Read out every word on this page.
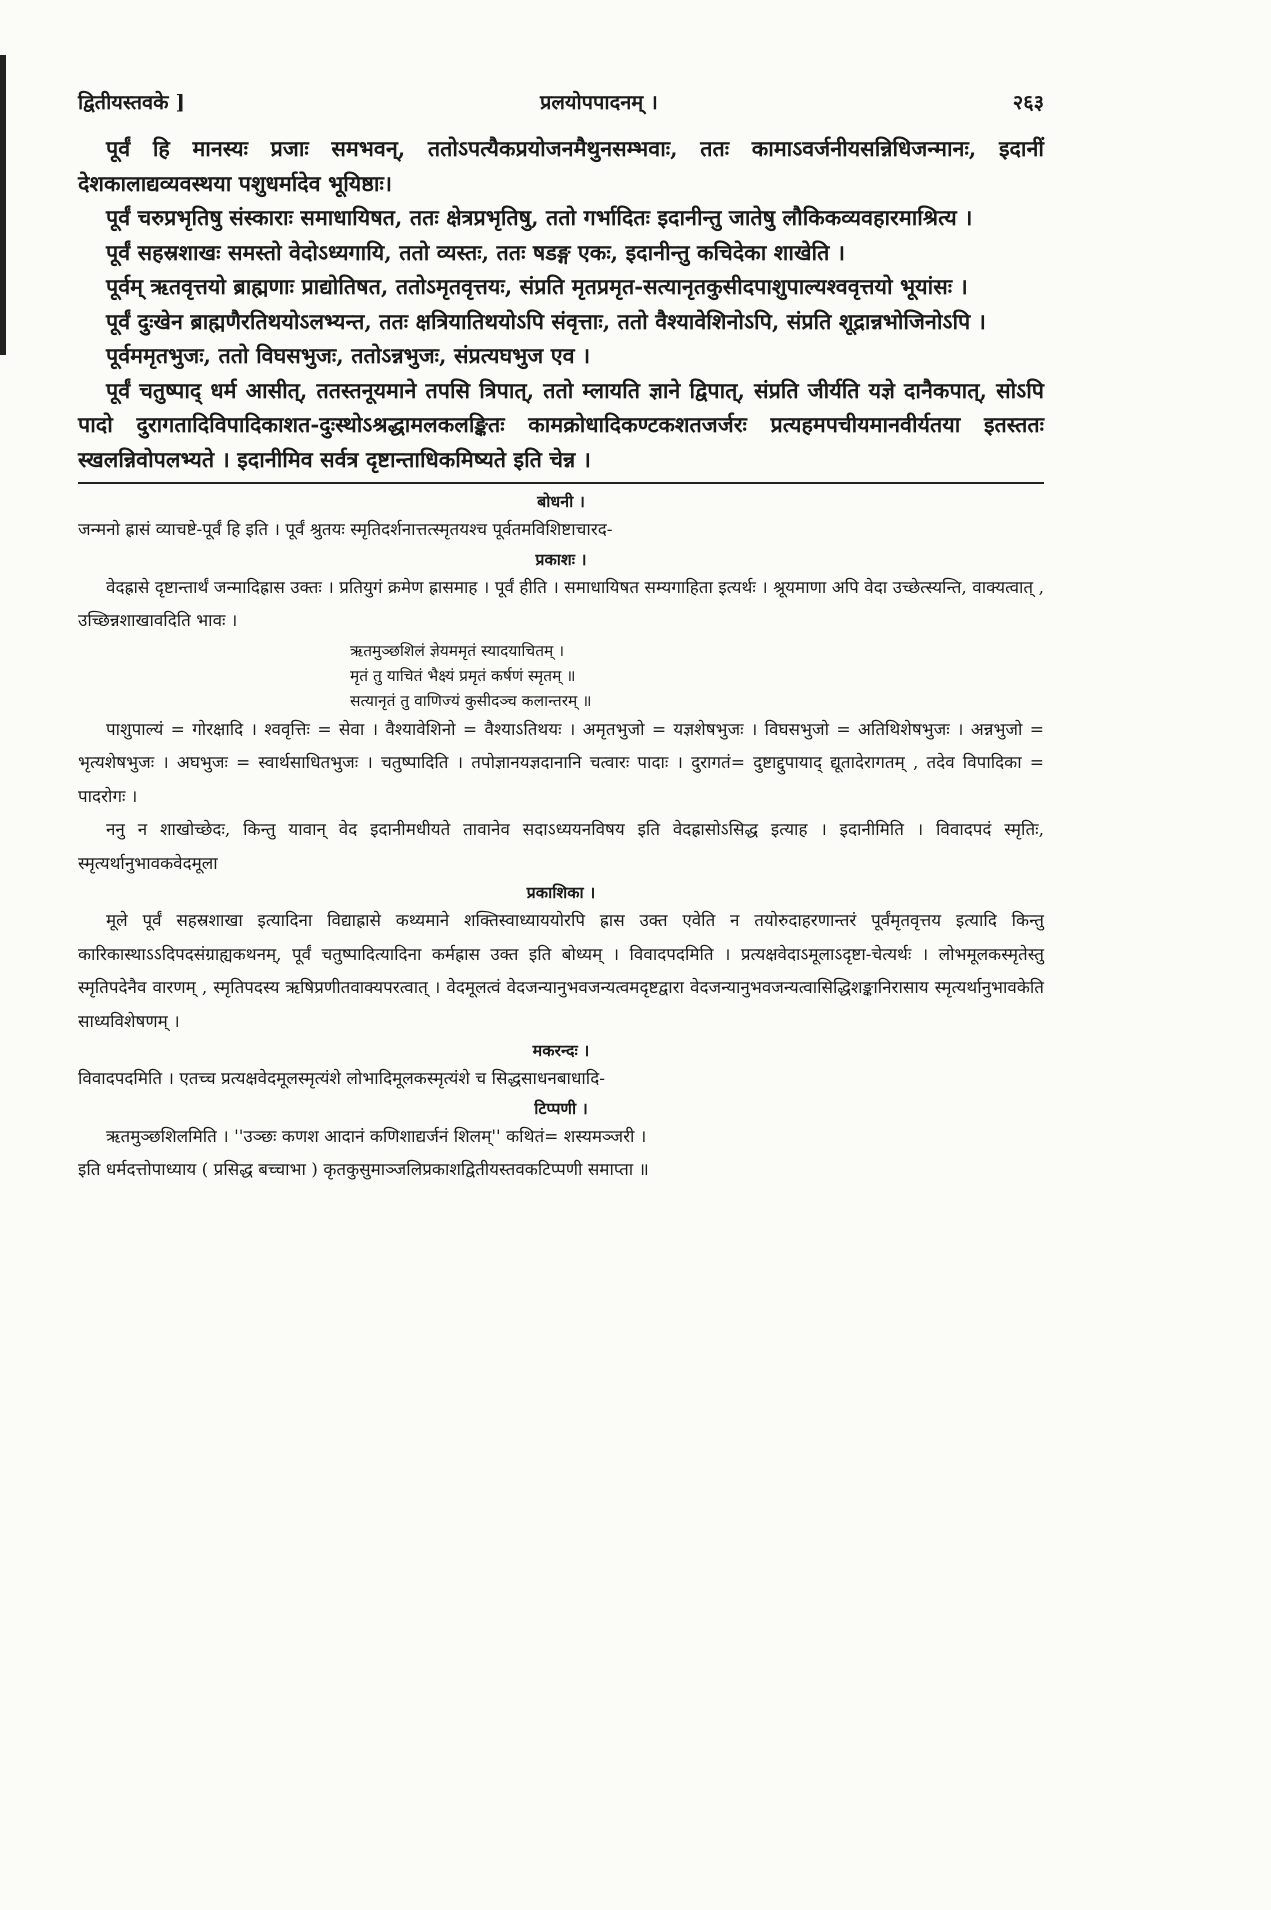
द्वितीयस्तवके ]	प्रलयोपपादनम् ।	२६३

पूर्वं हि मानस्यः प्रजाः समभवन्, ततोऽपत्यैकप्रयोजनमैथुनसम्भवाः, ततः कामाऽवर्जनीयसन्निधिजन्मानः, इदानीं देशकालाद्यव्यवस्थया पशुधर्मादेव भूयिष्ठाः।

पूर्वं चरुप्रभृतिषु संस्काराः समाधायिषत, ततः क्षेत्रप्रभृतिषु, ततो गर्भादितः इदानीन्तु जातेषु लौकिकव्यवहारमाश्रित्य ।

पूर्वं सहस्रशाखः समस्तो वेदोऽध्यगायि, ततो व्यस्तः, ततः षडङ्ग एकः, इदानीन्तु कचिदेका शाखेति ।

पूर्वम् ऋतवृत्तयो ब्राह्मणाः प्राद्योतिषत, ततोऽमृतवृत्तयः, संप्रति मृतप्रमृत-सत्यानृतकुसीदपाशुपाल्यश्ववृत्तयो भूयांसः ।

पूर्वं दुःखेन ब्राह्मणैरतिथयोऽलभ्यन्त, ततः क्षत्रियातिथयोऽपि संवृत्ताः, ततो वैश्यावेशिनोऽपि, संप्रति शूद्रान्नभोजिनोऽपि ।

पूर्वममृतभुजः, ततो विघसभुजः, ततोऽन्नभुजः, संप्रत्यघभुज एव ।

पूर्वं चतुष्पाद् धर्म आसीत्, ततस्तनूयमाने तपसि त्रिपात्, ततो म्लायति ज्ञाने द्विपात्, संप्रति जीर्यति यज्ञे दानैकपात्, सोऽपि पादो दुरागतादिविपादिकाशत-दुःस्थोऽश्रद्धामलकलङ्कितः कामक्रोधादिकण्टकशतजर्जरः प्रत्यहमपचीयमानवीर्यतया इतस्ततः स्खलन्निवोपलभ्यते । इदानीमिव सर्वत्र दृष्टान्ताधिकमिष्यते इति चेन्न ।

बोधनी ।

जन्मनो ह्रासं व्याचष्टे-पूर्वं हि इति । पूर्वं श्रुतयः स्मृतिदर्शनात्तत्स्मृतयश्च पूर्वतमविशिष्टाचारद-

प्रकाशः ।

वेदह्रासे दृष्टान्तार्थं जन्मादिह्रास उक्तः । प्रतियुगं क्रमेण ह्रासमाह । पूर्वं हीति । समाधायिषत सम्यगाहिता इत्यर्थः । श्रूयमाणा अपि वेदा उच्छेत्स्यन्ति, वाक्यत्वात् , उच्छिन्नशाखावदिति भावः ।

ऋतमुञ्छशिलं ज्ञेयममृतं स्यादयाचितम् ।

मृतं तु याचितं भैक्ष्यं प्रमृतं कर्षणं स्मृतम् ॥

सत्यानृतं तु वाणिज्यं कुसीदञ्च कलान्तरम् ॥

पाशुपाल्यं = गोरक्षादि । श्ववृत्तिः = सेवा । वैश्यावेशिनो = वैश्याऽतिथयः । अमृतभुजो = यज्ञशेषभुजः । विघसभुजो = अतिथिशेषभुजः । अन्नभुजो = भृत्यशेषभुजः । अघभुजः = स्वार्थसाधितभुजः । चतुष्पादिति । तपोज्ञानयज्ञदानानि चत्वारः पादाः । दुरागतं= दुष्टाद्दुपायाद् द्यूतादेरागतम् , तदेव विपादिका = पादरोगः ।

ननु न शाखोच्छेदः, किन्तु यावान् वेद इदानीमधीयते तावानेव सदाऽध्ययनविषय इति वेदह्रासोऽसिद्ध इत्याह । इदानीमिति । विवादपदं स्मृतिः, स्मृत्यर्थानुभावकवेदमूला

प्रकाशिका ।

मूले पूर्वं सहस्रशाखा इत्यादिना विद्याह्रासे कथ्यमाने शक्तिस्वाध्याययोरपि ह्रास उक्त एवेति न तयोरुदाहरणान्तरं पूर्वंमृतवृत्तय इत्यादि किन्तु कारिकास्थाऽऽदिपदसंग्राह्यकथनम्, पूर्वं चतुष्पादित्यादिना कर्मह्रास उक्त इति बोध्यम् । विवादपदमिति । प्रत्यक्षवेदाऽमूलाऽदृष्टा-चेत्यर्थः । लोभमूलकस्मृतेस्तु स्मृतिपदेनैव वारणम् , स्मृतिपदस्य ऋषिप्रणीतवाक्यपरत्वात् । वेदमूलत्वं वेदजन्यानुभवजन्यत्वमदृष्टद्वारा वेदजन्यानुभवजन्यत्वासिद्धिशङ्कानिरासाय स्मृत्यर्थानुभावकेति साध्यविशेषणम् ।

मकरन्दः ।

विवादपदमिति । एतच्च प्रत्यक्षवेदमूलस्मृत्यंशे लोभादिमूलकस्मृत्यंशे च सिद्धसाधनबाधादि-

टिप्पणी ।

ऋतमुञ्छशिलमिति । ''उञ्छः कणश आदानं कणिशाद्यर्जनं शिलम्'' कथितं= शस्यमञ्जरी ।

इति धर्मदत्तोपाध्याय ( प्रसिद्ध बच्चाभा ) कृतकुसुमाञ्जलिप्रकाशद्वितीयस्तवकटिप्पणी समाप्ता ॥
